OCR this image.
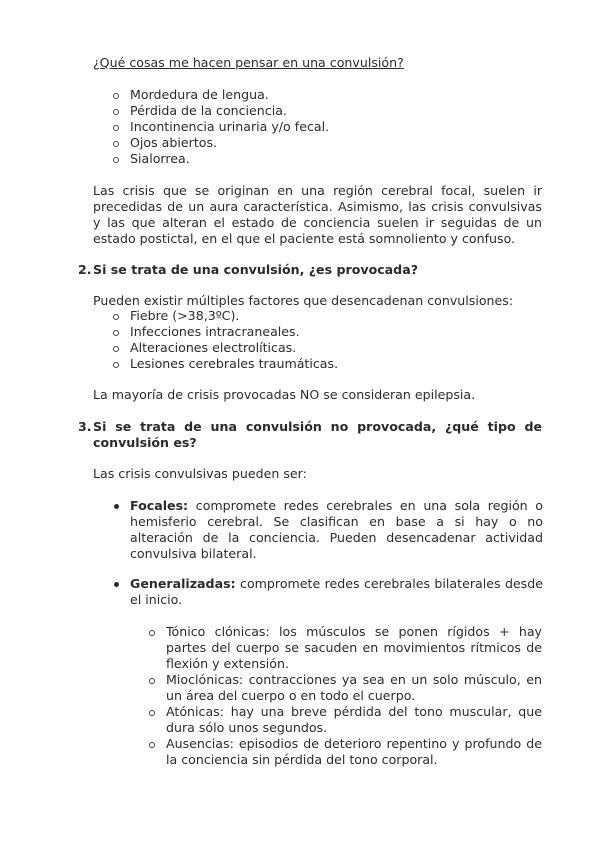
¿Qué cosas me hacen pensar en una convulsión?
Mordedura de lengua.
Pérdida de la conciencia.
Incontinencia urinaria y/o fecal.
Ojos abiertos.
Sialorrea.
Las crisis que se originan en una región cerebral focal, suelen ir precedidas de un aura característica. Asimismo, las crisis convulsivas y las que alteran el estado de conciencia suelen ir seguidas de un estado postictal, en el que el paciente está somnoliento y confuso.
2. Si se trata de una convulsión, ¿es provocada?
Pueden existir múltiples factores que desencadenan convulsiones:
Fiebre (>38,3ºC).
Infecciones intracraneales.
Alteraciones electrolíticas.
Lesiones cerebrales traumáticas.
La mayoría de crisis provocadas NO se consideran epilepsia.
3. Si se trata de una convulsión no provocada, ¿qué tipo de convulsión es?
Las crisis convulsivas pueden ser:
Focales: compromete redes cerebrales en una sola región o hemisferio cerebral. Se clasifican en base a si hay o no alteración de la conciencia. Pueden desencadenar actividad convulsiva bilateral.
Generalizadas: compromete redes cerebrales bilaterales desde el inicio.
Tónico clónicas: los músculos se ponen rígidos + hay partes del cuerpo se sacuden en movimientos rítmicos de flexión y extensión.
Mioclónicas: contracciones ya sea en un solo músculo, en un área del cuerpo o en todo el cuerpo.
Atónicas: hay una breve pérdida del tono muscular, que dura sólo unos segundos.
Ausencias: episodios de deterioro repentino y profundo de la conciencia sin pérdida del tono corporal.
